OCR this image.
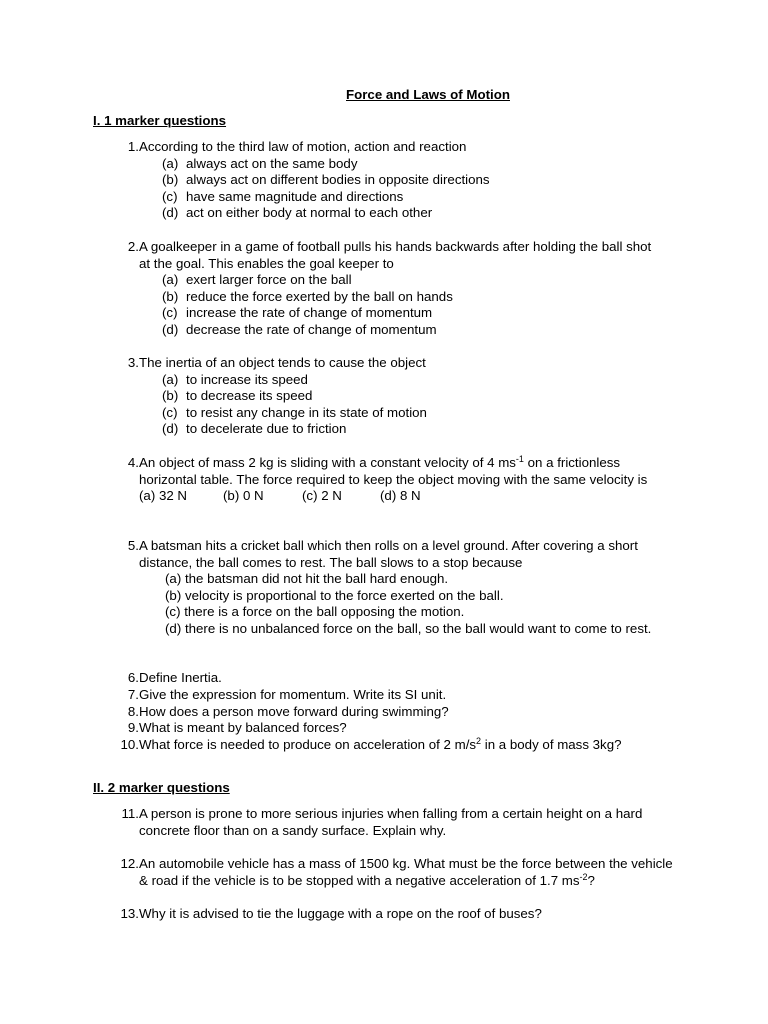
Force and Laws of Motion
I. 1 marker questions
1. According to the third law of motion, action and reaction
(a) always act on the same body
(b) always act on different bodies in opposite directions
(c) have same magnitude and directions
(d) act on either body at normal to each other
2. A goalkeeper in a game of football pulls his hands backwards after holding the ball shot at the goal. This enables the goal keeper to
(a) exert larger force on the ball
(b) reduce the force exerted by the ball on hands
(c) increase the rate of change of momentum
(d) decrease the rate of change of momentum
3. The inertia of an object tends to cause the object
(a) to increase its speed
(b) to decrease its speed
(c) to resist any change in its state of motion
(d) to decelerate due to friction
4. An object of mass 2 kg is sliding with a constant velocity of 4 $ms^{-1}$ on a frictionless horizontal table. The force required to keep the object moving with the same velocity is
(a) 32 N	(b) 0 N	(c) 2 N	(d) 8 N
5. A batsman hits a cricket ball which then rolls on a level ground. After covering a short distance, the ball comes to rest. The ball slows to a stop because
(a) the batsman did not hit the ball hard enough.
(b) velocity is proportional to the force exerted on the ball.
(c) there is a force on the ball opposing the motion.
(d) there is no unbalanced force on the ball, so the ball would want to come to rest.
6. Define Inertia.
7. Give the expression for momentum. Write its SI unit.
8. How does a person move forward during swimming?
9. What is meant by balanced forces?
10. What force is needed to produce on acceleration of 2 $m/s^2$ in a body of mass 3kg?
II. 2 marker questions
11. A person is prone to more serious injuries when falling from a certain height on a hard concrete floor than on a sandy surface. Explain why.
12. An automobile vehicle has a mass of 1500 kg. What must be the force between the vehicle & road if the vehicle is to be stopped with a negative acceleration of 1.7 $ms^{-2}$?
13. Why it is advised to tie the luggage with a rope on the roof of buses?
